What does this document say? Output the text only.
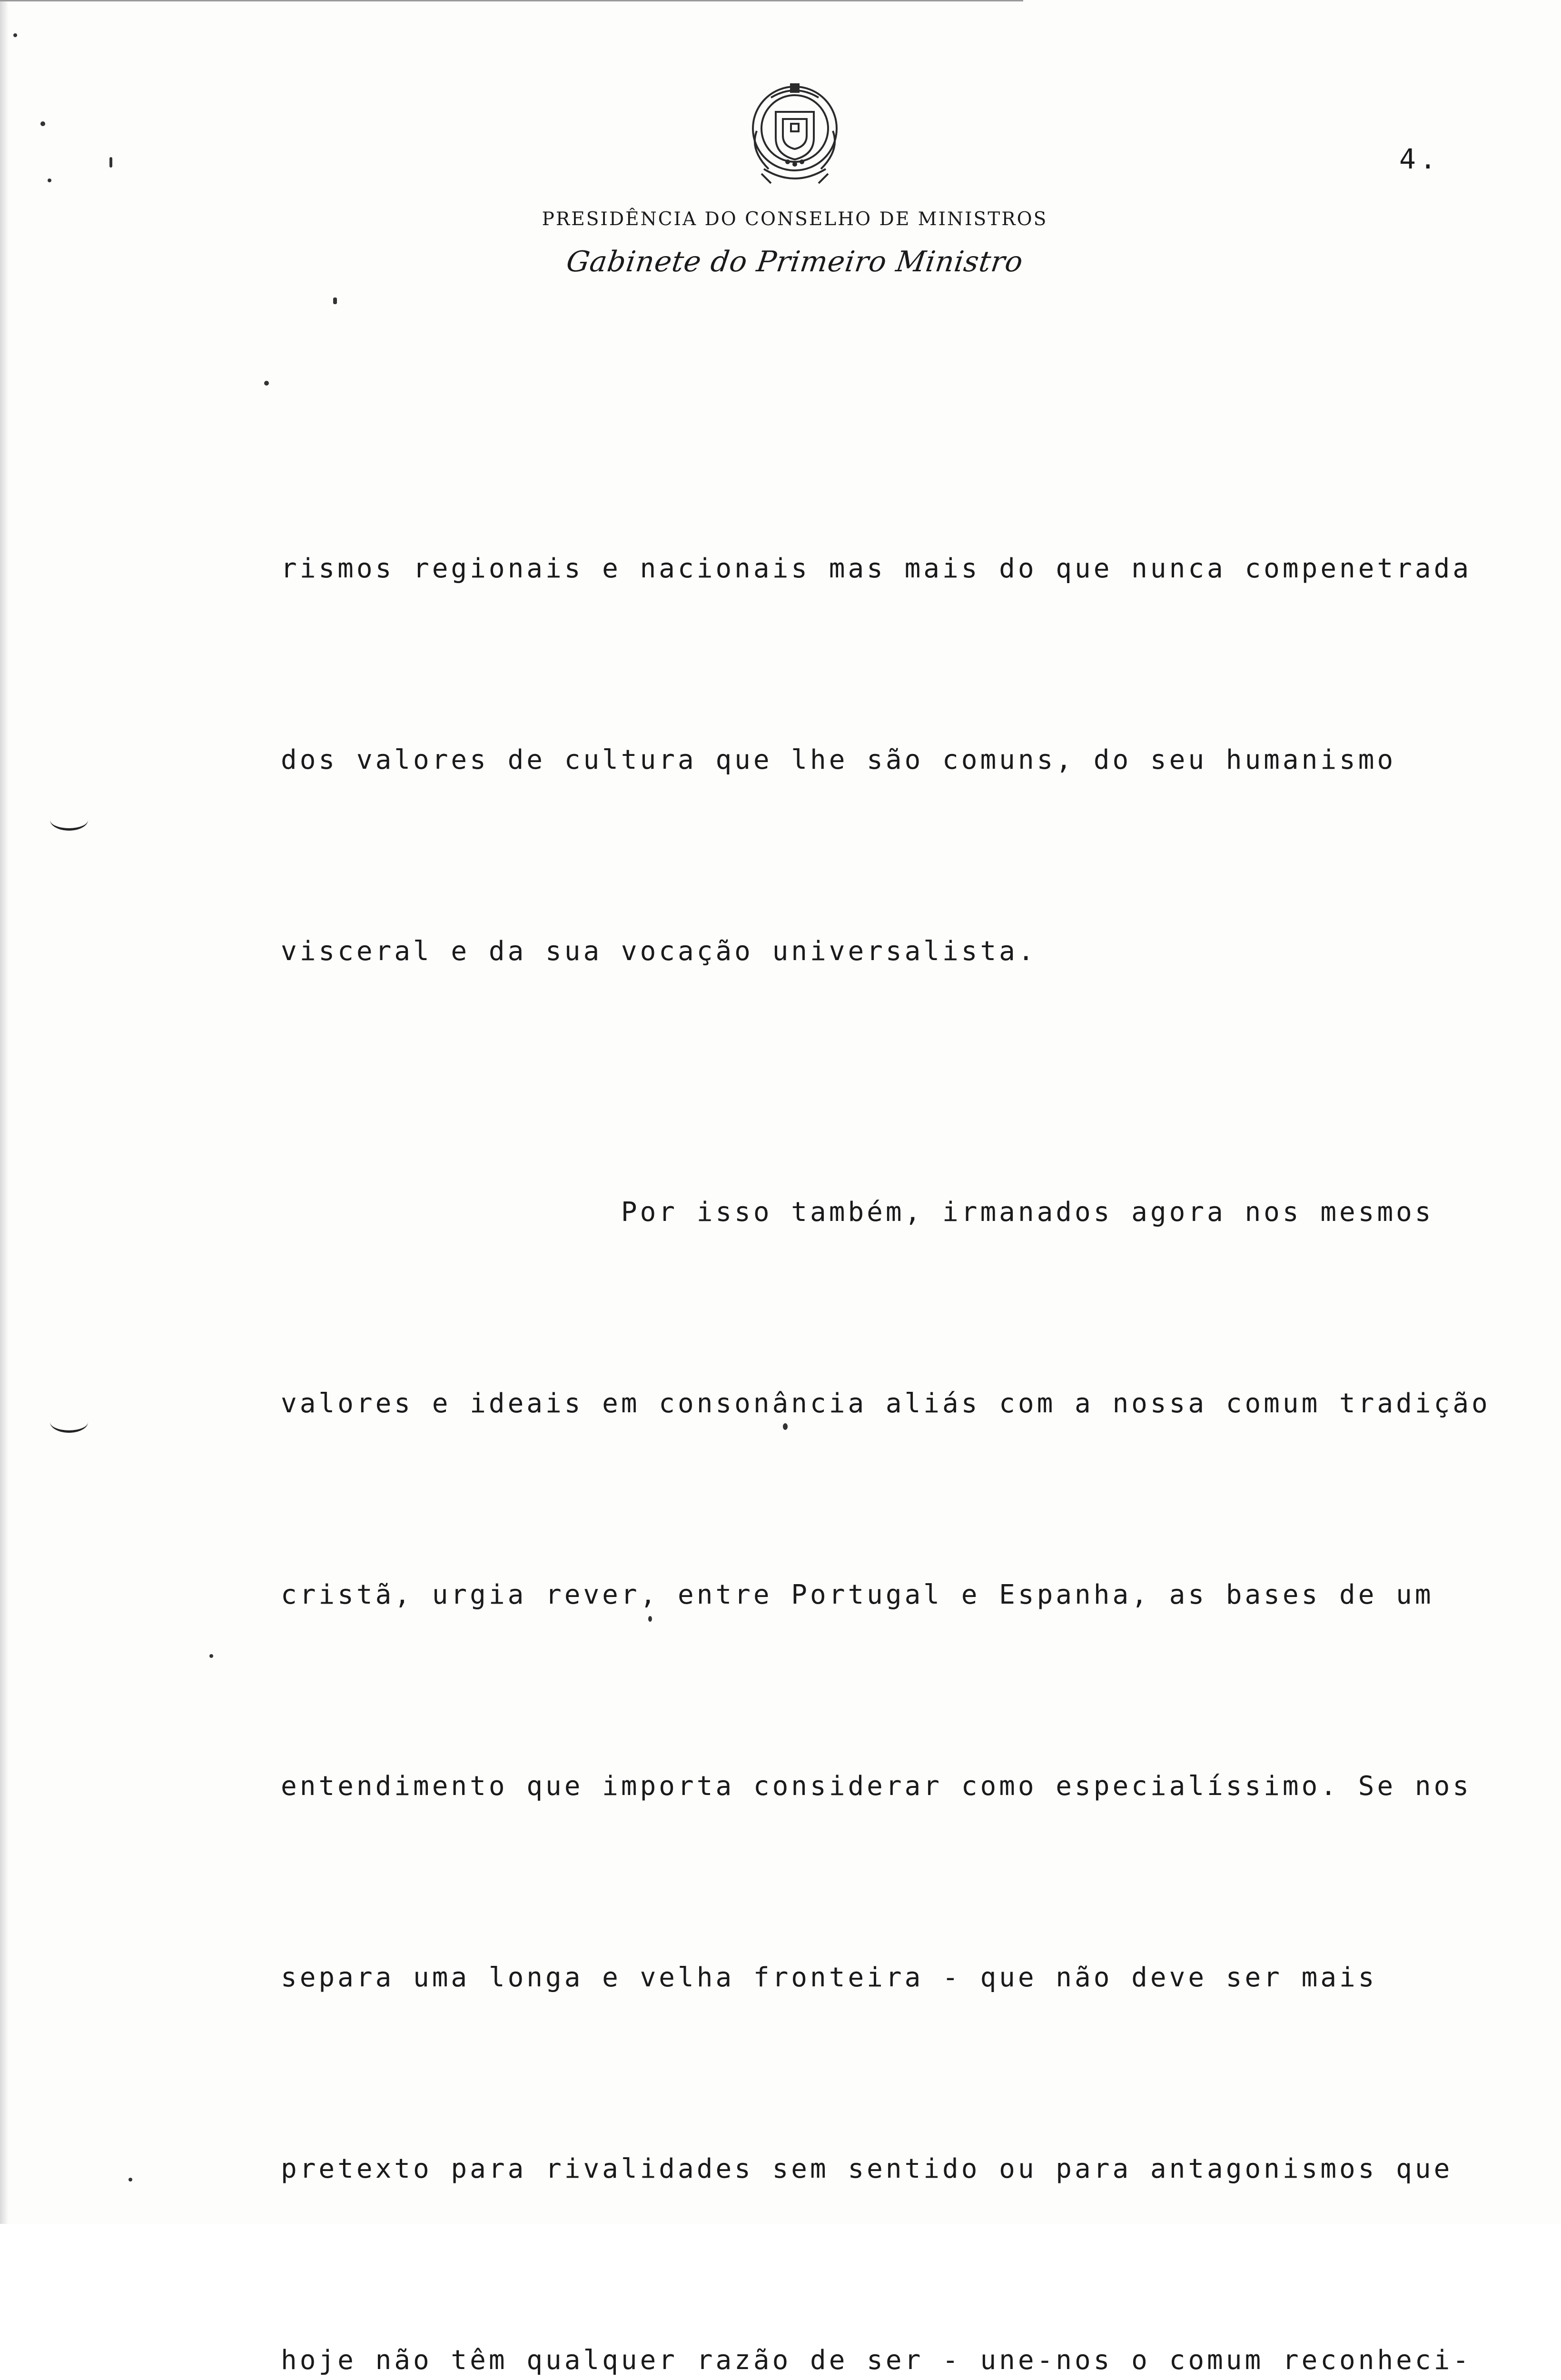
4.
PRESIDÊNCIA DO CONSELHO DE MINISTROS
Gabinete do Primeiro Ministro

rismos regionais e nacionais mas mais do que nunca compenetrada

dos valores de cultura que lhe são comuns, do seu humanismo

visceral e da sua vocação universalista.

Por isso também, irmanados agora nos mesmos

valores e ideais em consonância aliás com a nossa comum tradição

cristã, urgia rever, entre Portugal e Espanha, as bases de um

entendimento que importa considerar como especialíssimo. Se nos

separa uma longa e velha fronteira - que não deve ser mais

pretexto para rivalidades sem sentido ou para antagonismos que

hoje não têm qualquer razão de ser - une-nos o comum reconheci-
